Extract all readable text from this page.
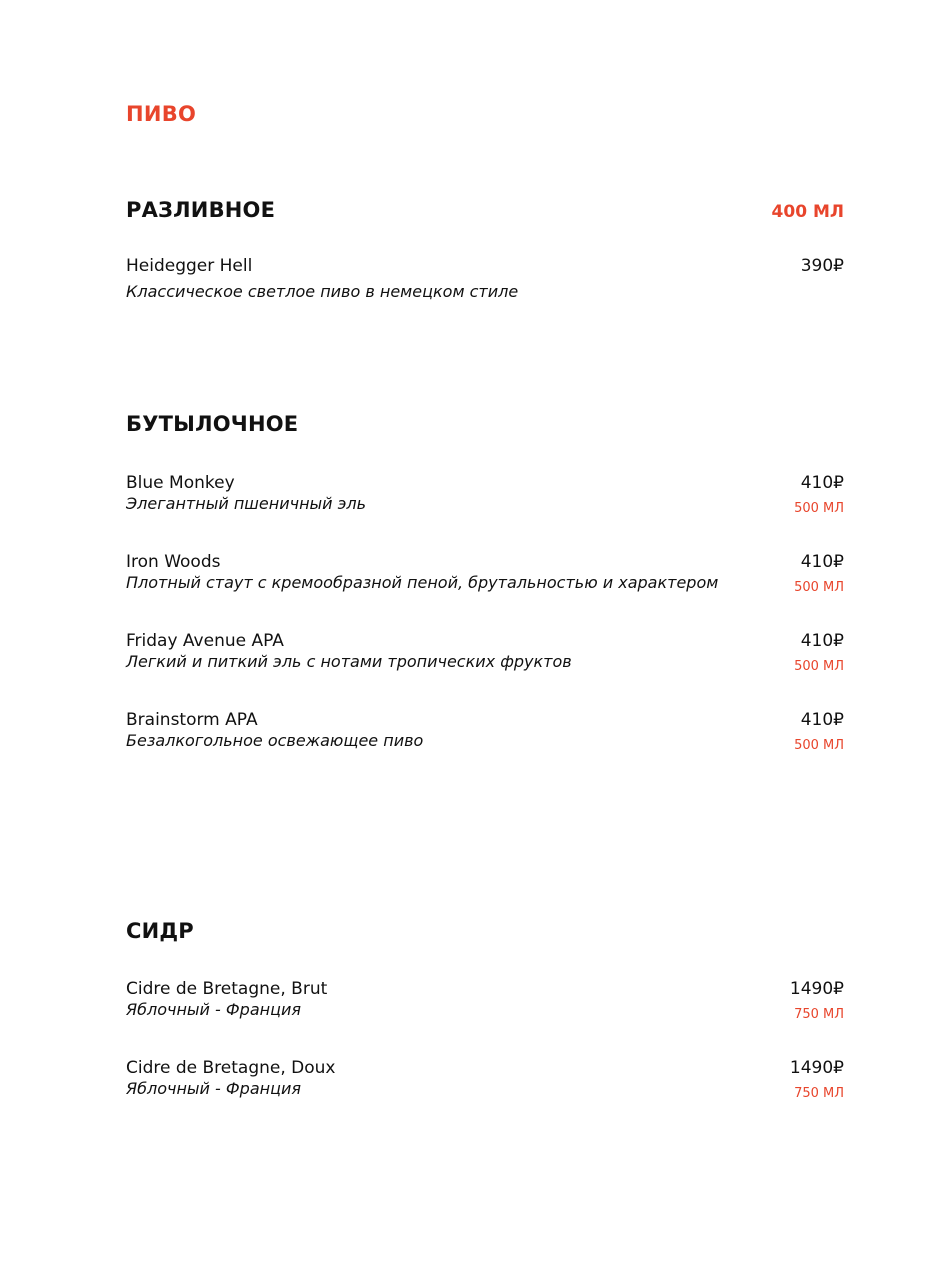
ПИВО
РАЗЛИВНОЕ	400 МЛ
Heidegger Hell
Классическое светлое пиво в немецком стиле
390₽
БУТЫЛОЧНОЕ
Blue Monkey
Элегантный пшеничный эль
410₽
500 МЛ
Iron Woods
Плотный стаут с кремообразной пеной, брутальностью и характером
410₽
500 МЛ
Friday Avenue APA
Легкий и питкий эль с нотами тропических фруктов
410₽
500 МЛ
Brainstorm APA
Безалкогольное освежающее пиво
410₽
500 МЛ
СИДР
Cidre de Bretagne, Brut
Яблочный - Франция
1490₽
750 МЛ
Cidre de Bretagne, Doux
Яблочный - Франция
1490₽
750 МЛ
